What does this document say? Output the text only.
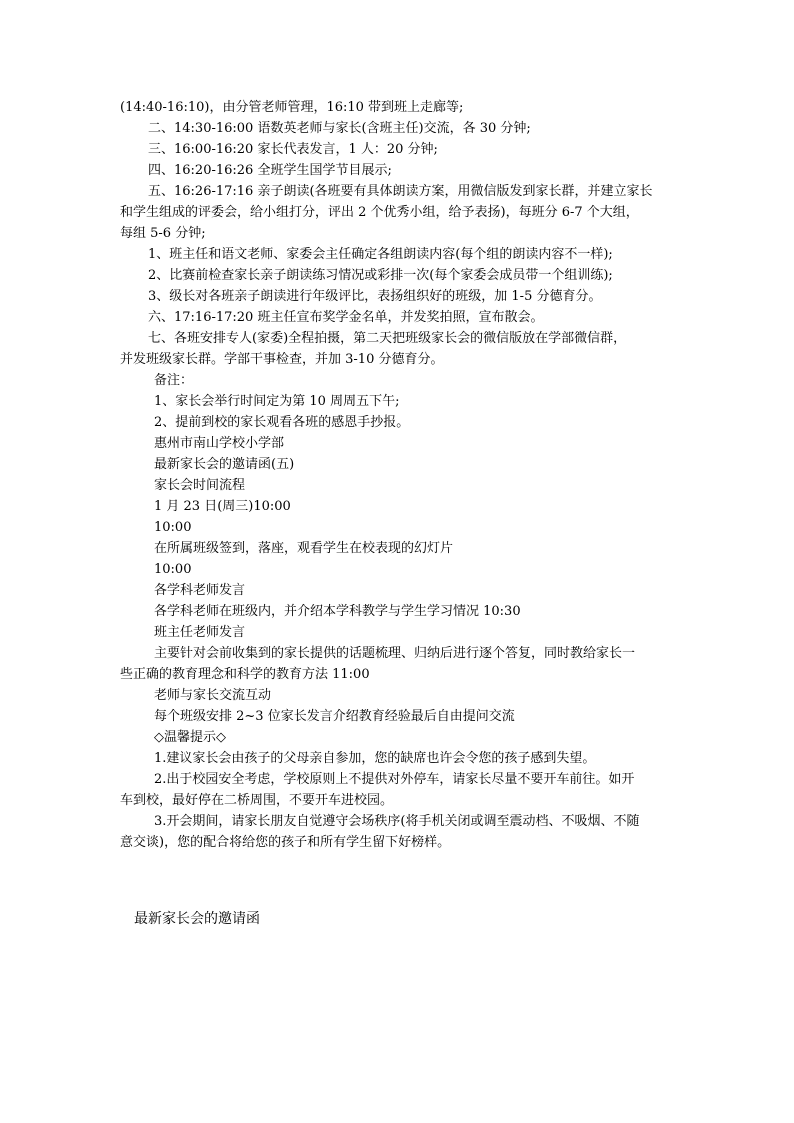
(14:40-16:10)，由分管老师管理，16:10 带到班上走廊等;
二、14:30-16:00 语数英老师与家长(含班主任)交流，各 30 分钟;
三、16:00-16:20 家长代表发言，1 人：20 分钟;
四、16:20-16:26 全班学生国学节目展示;
五、16:26-17:16 亲子朗读(各班要有具体朗读方案，用微信版发到家长群，并建立家长
和学生组成的评委会，给小组打分，评出 2 个优秀小组，给予表扬)，每班分 6-7 个大组，
每组 5-6 分钟;
1、班主任和语文老师、家委会主任确定各组朗读内容(每个组的朗读内容不一样);
2、比赛前检查家长亲子朗读练习情况或彩排一次(每个家委会成员带一个组训练);
3、级长对各班亲子朗读进行年级评比，表扬组织好的班级，加 1-5 分德育分。
六、17:16-17:20 班主任宣布奖学金名单，并发奖拍照，宣布散会。
七、各班安排专人(家委)全程拍摄，第二天把班级家长会的微信版放在学部微信群，
并发班级家长群。学部干事检查，并加 3-10 分德育分。
备注：
1、家长会举行时间定为第 10 周周五下午;
2、提前到校的家长观看各班的感恩手抄报。
惠州市南山学校小学部
最新家长会的邀请函(五)
家长会时间流程
1 月 23 日(周三)10:00
10:00
在所属班级签到，落座，观看学生在校表现的幻灯片
10:00
各学科老师发言
各学科老师在班级内，并介绍本学科教学与学生学习情况 10:30
班主任老师发言
主要针对会前收集到的家长提供的话题梳理、归纳后进行逐个答复，同时教给家长一
些正确的教育理念和科学的教育方法 11:00
老师与家长交流互动
每个班级安排 2~3 位家长发言介绍教育经验最后自由提问交流
◇温馨提示◇
1.建议家长会由孩子的父母亲自参加，您的缺席也许会令您的孩子感到失望。
2.出于校园安全考虑，学校原则上不提供对外停车，请家长尽量不要开车前往。如开
车到校，最好停在二桥周围，不要开车进校园。
3.开会期间，请家长朋友自觉遵守会场秩序(将手机关闭或调至震动档、不吸烟、不随
意交谈)，您的配合将给您的孩子和所有学生留下好榜样。
最新家长会的邀请函
